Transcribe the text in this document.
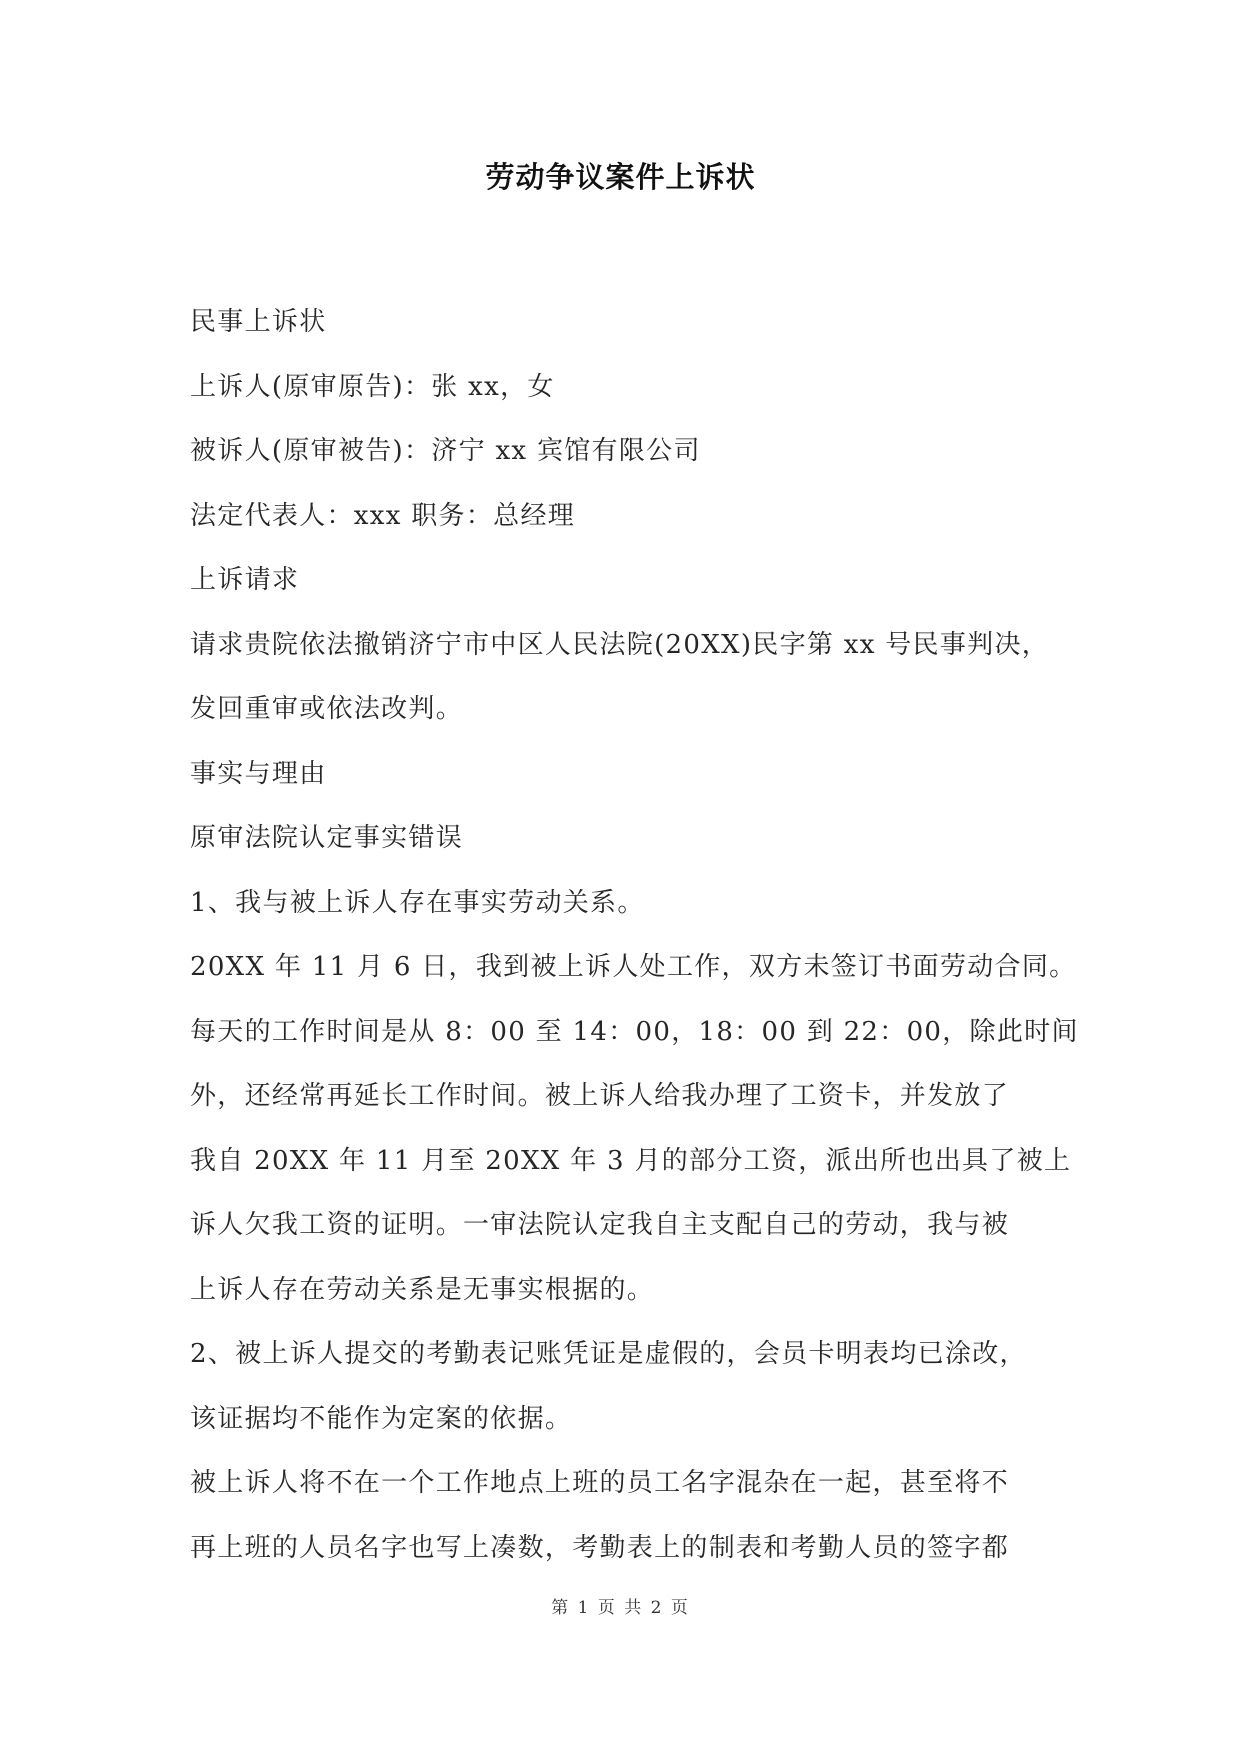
劳动争议案件上诉状
民事上诉状
上诉人(原审原告)：张 xx，女
被诉人(原审被告)：济宁 xx 宾馆有限公司
法定代表人：xxx 职务：总经理
上诉请求
请求贵院依法撤销济宁市中区人民法院(20XX)民字第 xx 号民事判决，
发回重审或依法改判。
事实与理由
原审法院认定事实错误
1、我与被上诉人存在事实劳动关系。
20XX 年 11 月 6 日，我到被上诉人处工作，双方未签订书面劳动合同。
每天的工作时间是从 8：00 至 14：00，18：00 到 22：00，除此时间
外，还经常再延长工作时间。被上诉人给我办理了工资卡，并发放了
我自 20XX 年 11 月至 20XX 年 3 月的部分工资，派出所也出具了被上
诉人欠我工资的证明。一审法院认定我自主支配自己的劳动，我与被
上诉人存在劳动关系是无事实根据的。
2、被上诉人提交的考勤表记账凭证是虚假的，会员卡明表均已涂改，
该证据均不能作为定案的依据。
被上诉人将不在一个工作地点上班的员工名字混杂在一起，甚至将不
再上班的人员名字也写上凑数，考勤表上的制表和考勤人员的签字都
第 1 页 共 2 页
